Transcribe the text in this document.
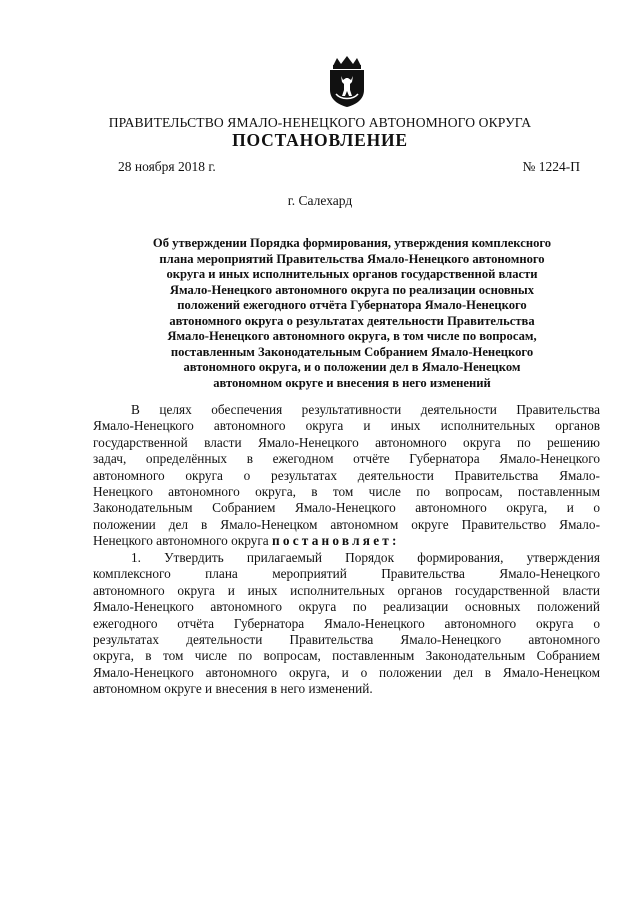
ПРАВИТЕЛЬСТВО ЯМАЛО-НЕНЕЦКОГО АВТОНОМНОГО ОКРУГА
ПОСТАНОВЛЕНИЕ
28 ноября 2018 г.	№ 1224-П
г. Салехард
Об утверждении Порядка формирования, утверждения комплексного
плана мероприятий Правительства Ямало-Ненецкого автономного
округа и иных исполнительных органов государственной власти
Ямало-Ненецкого автономного округа по реализации основных
положений ежегодного отчёта Губернатора Ямало-Ненецкого
автономного округа о результатах деятельности Правительства
Ямало-Ненецкого автономного округа, в том числе по вопросам,
поставленным Законодательным Собранием Ямало-Ненецкого
автономного округа, и о положении дел в Ямало-Ненецком
автономном округе и внесения в него изменений
В целях обеспечения результативности деятельности Правительства
Ямало-Ненецкого автономного округа и иных исполнительных органов
государственной власти Ямало-Ненецкого автономного округа по решению
задач, определённых в ежегодном отчёте Губернатора Ямало-Ненецкого
автономного округа о результатах деятельности Правительства Ямало-
Ненецкого автономного округа, в том числе по вопросам, поставленным
Законодательным Собранием Ямало-Ненецкого автономного округа, и о
положении дел в Ямало-Ненецком автономном округе Правительство Ямало-
Ненецкого автономного округа постановляет:
1. Утвердить прилагаемый Порядок формирования, утверждения
комплексного плана мероприятий Правительства Ямало-Ненецкого
автономного округа и иных исполнительных органов государственной власти
Ямало-Ненецкого автономного округа по реализации основных положений
ежегодного отчёта Губернатора Ямало-Ненецкого автономного округа о
результатах деятельности Правительства Ямало-Ненецкого автономного
округа, в том числе по вопросам, поставленным Законодательным Собранием
Ямало-Ненецкого автономного округа, и о положении дел в Ямало-Ненецком
автономном округе и внесения в него изменений.
